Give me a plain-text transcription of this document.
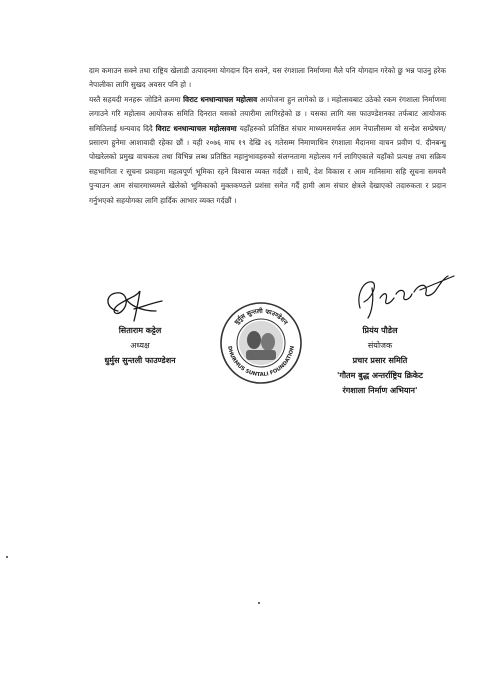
दाम कमाउन सक्ने तथा राष्ट्रिय खेलाडी उत्पादनमा योगदान दिन सक्ने, यस रंगशाला निर्माणमा मैले पनि योगदान गरेको छु भन्न पाउनु हरेक नेपालीका लागि सुखद अवसर पनि हो ।

यस्तै सहयदी मनहरू जोडिने क्रममा विराट धनधान्याचल महोत्सव आयोजना हुन लागेको छ । महोत्सवबाट उठेको रकम रंगशाला निर्माणमा लगाउने गरि महोत्सव आयोजक समिति दिनरात यसको तयारीमा लागिरहेको छ । यसका लागि यस फाउण्डेशनका तर्फबाट आयोजक समितिलाई धन्यवाद दिदै विराट धनधान्याचल महोत्सवमा यहाँहरुको प्रतिष्ठित संचार माध्यमसमर्फत आम नेपालीसम्म यो सन्देश सम्प्रेषण/प्रसारण हुनेमा आशावादी रहेका छौं । यही २०७६ माघ १९ देखि २६ गतेसम्म निमाणाधिन रंगशाला मैदानमा वाचन प्रवीण पं. दीनबन्धु पोखरेलको प्रमुख वाचकत्व तथा विभिन्न लब्ध प्रतिष्ठित महानुभावहरुको संलग्नतामा महोत्सव गर्न लागिएकाले यहाँको प्रत्यक्ष तथा सक्रिय सहभागिता र सूचना प्रवाहमा महत्वपूर्ण भूमिका रहने विश्वास व्यक्त गर्दछौं । साथै, देश विकास र आम मानिसमा सहि सूचना समयमै पुऱ्याउन आम संचारमाध्यमले खेलेको भूमिकाको मुक्तकण्ठले प्रशंसा समेत गर्दै हामी आम संचार क्षेत्रले देखाएको तदारुकता र प्रदान गर्नुभएको सहयोगका लागि हार्दिक आभार व्यक्त गर्दछौं ।

धुर्मुस सुन्तली फाउण्डेशन
DHURMUS SUNTALI FOUNDATION
सिताराम कट्टेल
अध्यक्ष
धुर्मुस सुन्तली फाउण्डेशन
प्रियंय पौडेल
संयोजक
प्रचार प्रसार समिति
'गौतम बुद्ध अन्तर्राष्ट्रिय क्रिकेट
रंगशाला निर्माण अभियान'
